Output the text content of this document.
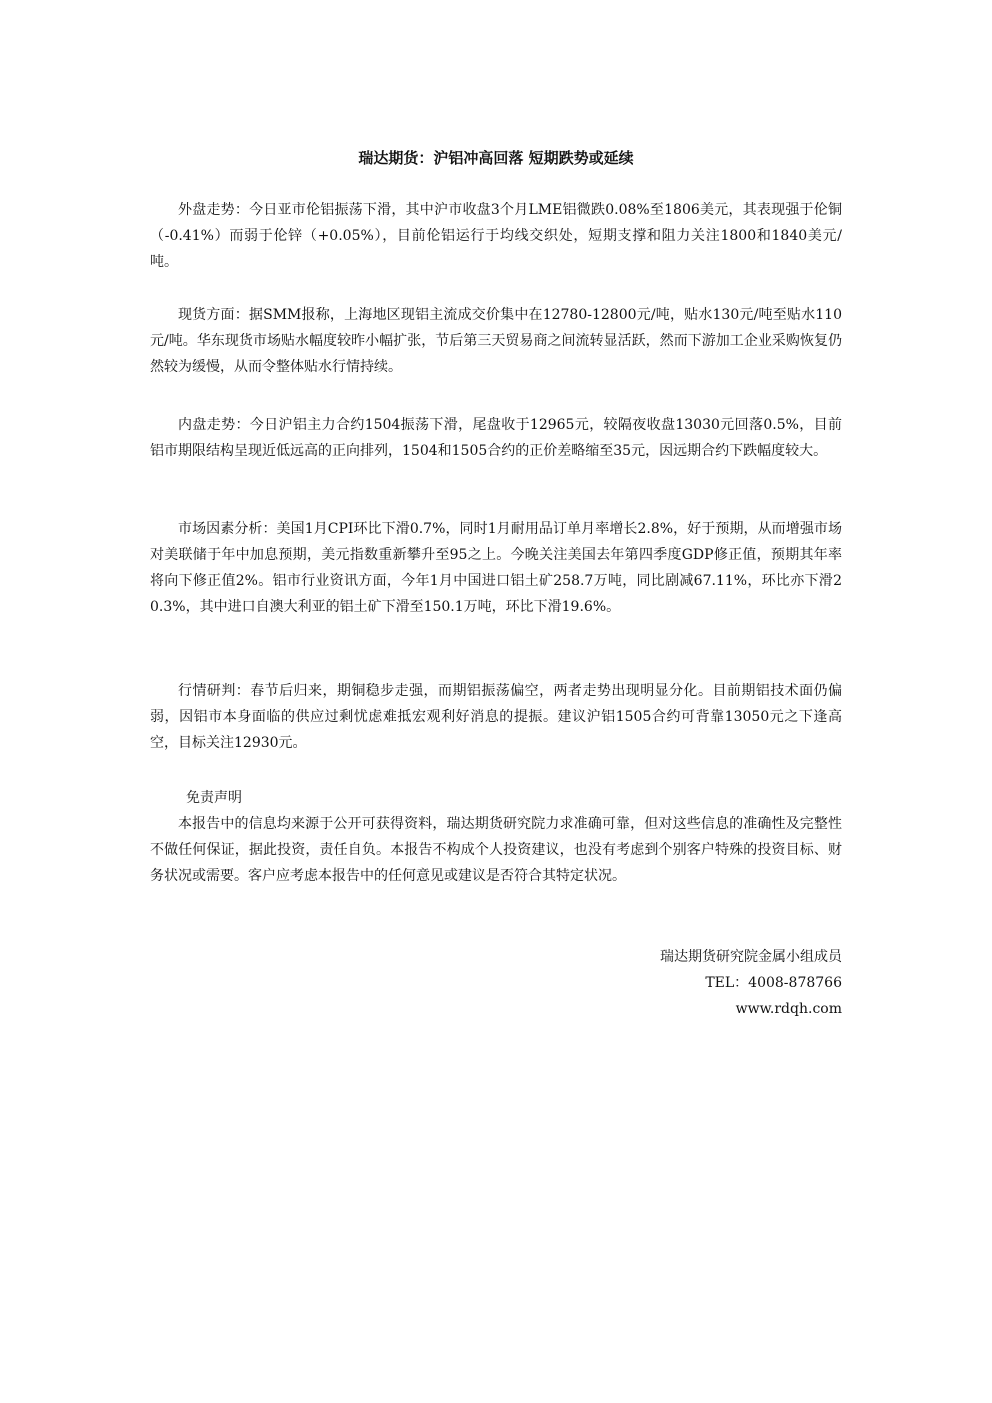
瑞达期货：沪铝冲高回落 短期跌势或延续

外盘走势：今日亚市伦铝振荡下滑，其中沪市收盘3个月LME铝微跌0.08%至1806美元，其表现强于伦铜（-0.41%）而弱于伦锌（+0.05%），目前伦铝运行于均线交织处，短期支撑和阻力关注1800和1840美元/吨。

现货方面：据SMM报称，上海地区现铝主流成交价集中在12780-12800元/吨，贴水130元/吨至贴水110元/吨。华东现货市场贴水幅度较昨小幅扩张，节后第三天贸易商之间流转显活跃，然而下游加工企业采购恢复仍然较为缓慢，从而令整体贴水行情持续。

内盘走势：今日沪铝主力合约1504振荡下滑，尾盘收于12965元，较隔夜收盘13030元回落0.5%，目前铝市期限结构呈现近低远高的正向排列，1504和1505合约的正价差略缩至35元，因远期合约下跌幅度较大。

市场因素分析：美国1月CPI环比下滑0.7%，同时1月耐用品订单月率增长2.8%，好于预期，从而增强市场对美联储于年中加息预期，美元指数重新攀升至95之上。今晚关注美国去年第四季度GDP修正值，预期其年率将向下修正值2%。铝市行业资讯方面，今年1月中国进口铝土矿258.7万吨，同比剧减67.11%，环比亦下滑20.3%，其中进口自澳大利亚的铝土矿下滑至150.1万吨，环比下滑19.6%。

行情研判：春节后归来，期铜稳步走强，而期铝振荡偏空，两者走势出现明显分化。目前期铝技术面仍偏弱，因铝市本身面临的供应过剩忧虑难抵宏观利好消息的提振。建议沪铝1505合约可背靠13050元之下逢高空，目标关注12930元。

免责声明

本报告中的信息均来源于公开可获得资料，瑞达期货研究院力求准确可靠，但对这些信息的准确性及完整性不做任何保证，据此投资，责任自负。本报告不构成个人投资建议，也没有考虑到个别客户特殊的投资目标、财务状况或需要。客户应考虑本报告中的任何意见或建议是否符合其特定状况。

瑞达期货研究院金属小组成员

TEL：4008-878766

www.rdqh.com
